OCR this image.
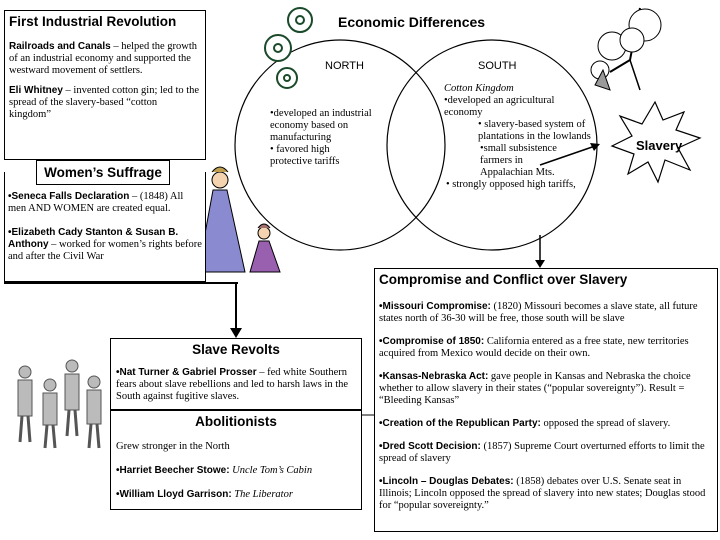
First Industrial Revolution

Railroads and Canals – helped the growth of an industrial economy and supported the westward movement of settlers.

Eli Whitney – invented cotton gin; led to the spread of the slavery-based “cotton kingdom”

Women’s Suffrage

•Seneca Falls Declaration – (1848) All men AND WOMEN are created equal.

•Elizabeth Cady Stanton & Susan B. Anthony – worked for women’s rights before and after the Civil War

Economic Differences
NORTH	SOUTH
•developed an industrial economy based on manufacturing
• favored high protective tariffs
Cotton Kingdom
•developed an agricultural economy
• slavery-based system of plantations in the lowlands
•small subsistence farmers in Appalachian Mts.
• strongly opposed high tariffs,
Slavery
Slave Revolts

•Nat Turner & Gabriel Prosser – fed white Southern fears about slave rebellions and led to harsh laws in the South against fugitive slaves.

Abolitionists

Grew stronger in the North

•Harriet Beecher Stowe: Uncle Tom’s Cabin

•William Lloyd Garrison: The Liberator

Compromise and Conflict over Slavery

•Missouri Compromise: (1820) Missouri becomes a slave state, all future states north of 36-30 will be free, those south will be slave

•Compromise of 1850: California entered as a free state, new territories acquired from Mexico would decide on their own.

•Kansas-Nebraska Act: gave people in Kansas and Nebraska the choice whether to allow slavery in their states (“popular sovereignty”). Result = “Bleeding Kansas”

•Creation of the Republican Party: opposed the spread of slavery.

•Dred Scott Decision: (1857) Supreme Court overturned efforts to limit the spread of slavery

•Lincoln – Douglas Debates: (1858) debates over U.S. Senate seat in Illinois; Lincoln opposed the spread of slavery into new states; Douglas stood for “popular sovereignty.”
